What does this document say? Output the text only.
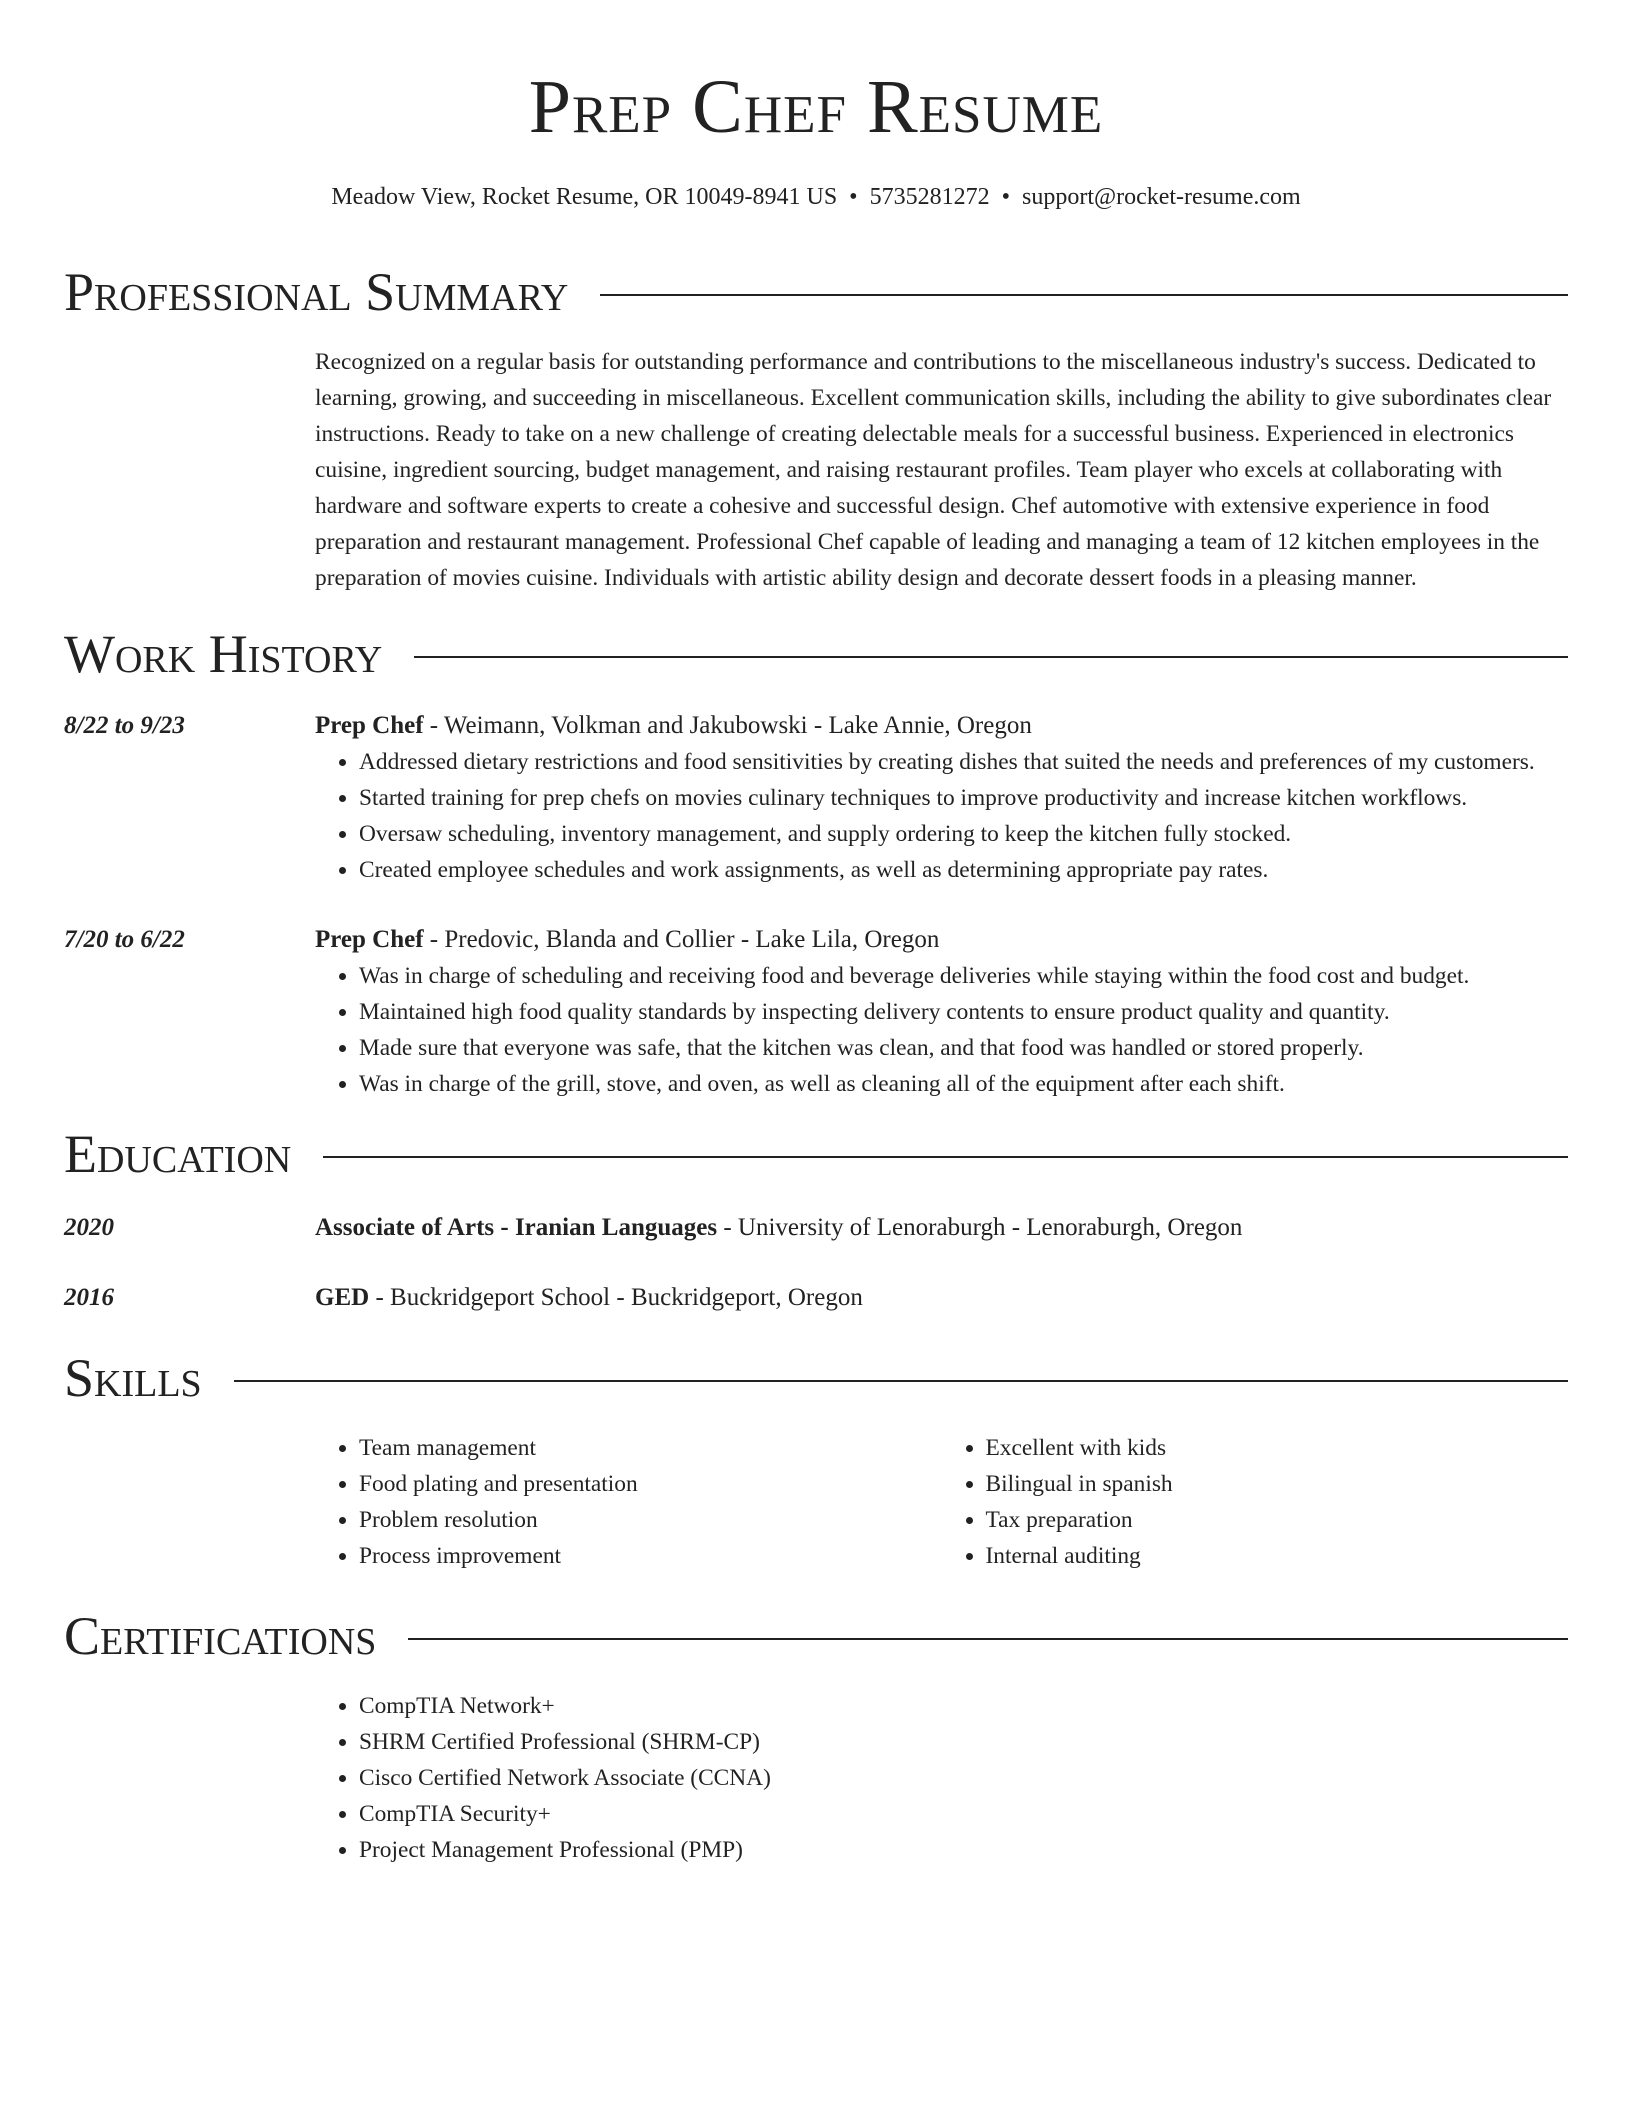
Prep Chef Resume
Meadow View, Rocket Resume, OR 10049-8941 US • 5735281272 • support@rocket-resume.com
Professional Summary
Recognized on a regular basis for outstanding performance and contributions to the miscellaneous industry's success. Dedicated to learning, growing, and succeeding in miscellaneous. Excellent communication skills, including the ability to give subordinates clear instructions. Ready to take on a new challenge of creating delectable meals for a successful business. Experienced in electronics cuisine, ingredient sourcing, budget management, and raising restaurant profiles. Team player who excels at collaborating with hardware and software experts to create a cohesive and successful design. Chef automotive with extensive experience in food preparation and restaurant management. Professional Chef capable of leading and managing a team of 12 kitchen employees in the preparation of movies cuisine. Individuals with artistic ability design and decorate dessert foods in a pleasing manner.
Work History
8/22 to 9/23	Prep Chef - Weimann, Volkman and Jakubowski - Lake Annie, Oregon
• Addressed dietary restrictions and food sensitivities by creating dishes that suited the needs and preferences of my customers.
• Started training for prep chefs on movies culinary techniques to improve productivity and increase kitchen workflows.
• Oversaw scheduling, inventory management, and supply ordering to keep the kitchen fully stocked.
• Created employee schedules and work assignments, as well as determining appropriate pay rates.
7/20 to 6/22	Prep Chef - Predovic, Blanda and Collier - Lake Lila, Oregon
• Was in charge of scheduling and receiving food and beverage deliveries while staying within the food cost and budget.
• Maintained high food quality standards by inspecting delivery contents to ensure product quality and quantity.
• Made sure that everyone was safe, that the kitchen was clean, and that food was handled or stored properly.
• Was in charge of the grill, stove, and oven, as well as cleaning all of the equipment after each shift.
Education
2020	Associate of Arts - Iranian Languages - University of Lenoraburgh - Lenoraburgh, Oregon
2016	GED - Buckridgeport School - Buckridgeport, Oregon
Skills
• Team management
• Food plating and presentation
• Problem resolution
• Process improvement
• Excellent with kids
• Bilingual in spanish
• Tax preparation
• Internal auditing
Certifications
• CompTIA Network+
• SHRM Certified Professional (SHRM-CP)
• Cisco Certified Network Associate (CCNA)
• CompTIA Security+
• Project Management Professional (PMP)
